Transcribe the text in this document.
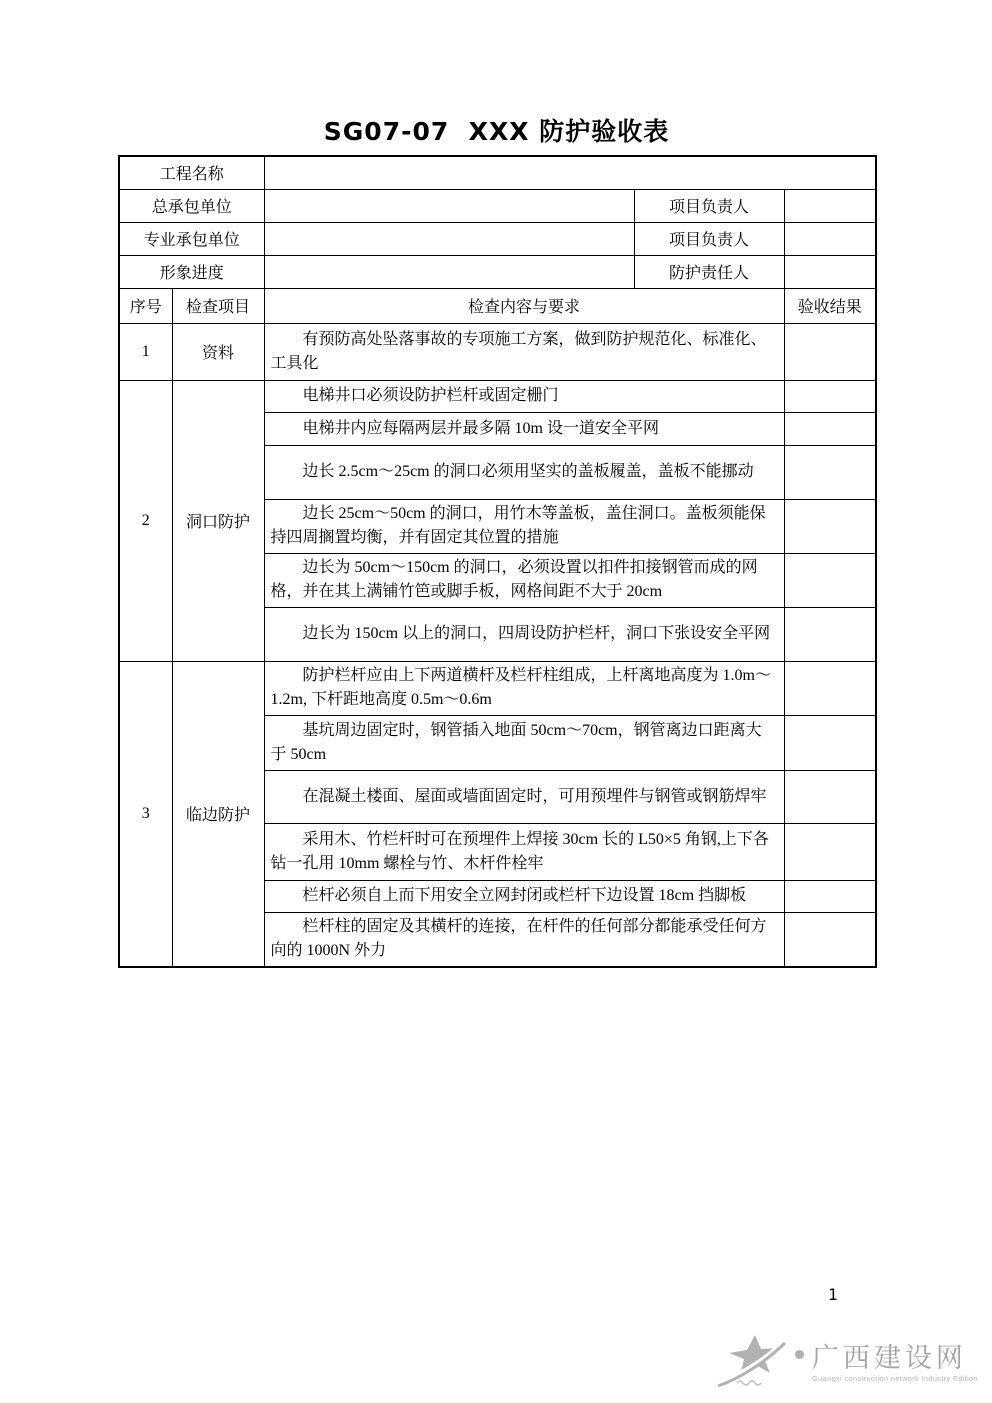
SG07-07  XXX 防护验收表
工程名称				
总承包单位			项目负责人	
专业承包单位			项目负责人	
形象进度			防护责任人	
序号	检查项目	检查内容与要求		验收结果
1	资料	有预防高处坠落事故的专项施工方案，做到防护规范化、标准化、工具化		
2	洞口防护	电梯井口必须设防护栏杆或固定栅门		
		电梯井内应每隔两层并最多隔 10m 设一道安全平网		
		边长 2.5cm～25cm 的洞口必须用坚实的盖板履盖，盖板不能挪动		
		边长 25cm～50cm 的洞口，用竹木等盖板，盖住洞口。盖板须能保持四周搁置均衡，并有固定其位置的措施		
		边长为 50cm～150cm 的洞口，必须设置以扣件扣接钢管而成的网格，并在其上满铺竹笆或脚手板，网格间距不大于 20cm		
		边长为 150cm 以上的洞口，四周设防护栏杆，洞口下张设安全平网		
3	临边防护	防护栏杆应由上下两道横杆及栏杆柱组成，上杆离地高度为 1.0m～1.2m, 下杆距地高度 0.5m～0.6m		
		基坑周边固定时，钢管插入地面 50cm～70cm，钢管离边口距离大于 50cm		
		在混凝土楼面、屋面或墙面固定时，可用预埋件与钢管或钢筋焊牢		
		采用木、竹栏杆时可在预埋件上焊接 30cm 长的 L50×5 角钢,上下各钻一孔用 10mm 螺栓与竹、木杆件栓牢		
		栏杆必须自上而下用安全立网封闭或栏杆下边设置 18cm 挡脚板		
		栏杆柱的固定及其横杆的连接，在杆件的任何部分都能承受任何方向的 1000N 外力		
1
广西建设网
Guangxi construction network Industry Edition
